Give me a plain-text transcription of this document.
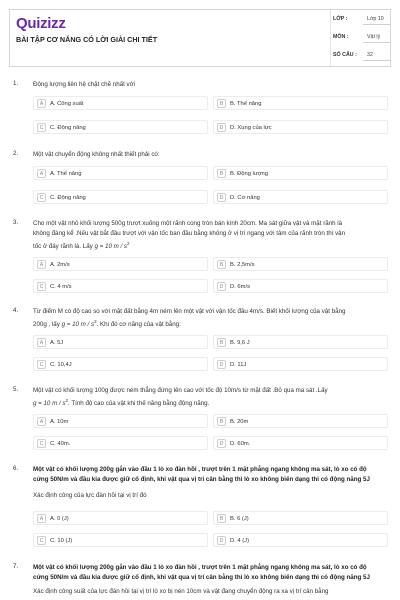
Quizizz
BÀI TẬP CƠ NĂNG CÓ LỜI GIẢI CHI TIẾT
LỚP :	Lớp 10
MÔN :	Vật lý
SỐ CÂU : 32
1. Động lượng liên hệ chặt chẽ nhất với
A	A. Công suất	B	B. Thế năng
C	C. Động năng	D	D. Xung của lực
2. Một vật chuyển động không nhất thiết phải có:
A	A. Thế năng	B	B. Động lượng
C	C. Động năng	D	D. Cơ năng
3. Cho một vật nhỏ khối lượng 500g trượt xuống một rãnh cong tròn bán kính 20cm. Ma sát giữa vật và mặt rãnh là
không đáng kể .Nếu vật bắt đầu trượt với vận tốc ban đầu bằng không ở vị trí ngang với tâm của rãnh tròn thì vận
tốc ở đáy rãnh là. Lấy g = 10 m / $s^2$
A	A. 2m/s	B	B. 2,5m/s
C	C. 4 m/s	D	D. 6m/s
4. Từ điểm M có độ cao so với mặt đất bằng 4m ném lên một vật với vận tốc đầu 4m/s. Biết khối lượng của vật bằng
200g , lấy g = 10 m / $s^2$. Khi đó cơ năng của vật bằng:
A	A. 5J	B	B. 9,6 J
C	C. 10,4J	D	D. 11J
5. Một vật có khối lượng 100g được ném thẳng đứng lên cao với tốc độ 10m/s từ mặt đất .Bỏ qua ma sát .Lấy
g = 10 m / $s^2$. Tính độ cao của vật khi thế năng bằng động năng.
A	A. 10m	B	B. 20m
C	C. 40m.	D	D. 60m.
6. Một vật có khối lượng 200g gắn vào đầu 1 lò xo đàn hồi , trượt trên 1 mặt phẳng ngang không ma sát, lò xo có độ
cứng 50N/m và đầu kia được giữ cố định, khi vật qua vị trí cân bằng thì lò xo không biến dạng thì có động năng 5J
Xác định công của lực đàn hồi tại vị trí đó
A	A. 0 (J)	B	B. 6 (J)
C	C. 10 (J)	D	D. 4 (J)
7. Một vật có khối lượng 200g gắn vào đầu 1 lò xo đàn hồi , trượt trên 1 mặt phẳng ngang không ma sát, lò xo có độ
cứng 50N/m và đầu kia được giữ cố định, khi vật qua vị trí cân bằng thì lò xo không biến dạng thì có động năng 5J
Xác định công suất của lực đàn hồi tại vị trí lò xo bị nén 10cm và vật đang chuyển động ra xa vị trí cân bằng
